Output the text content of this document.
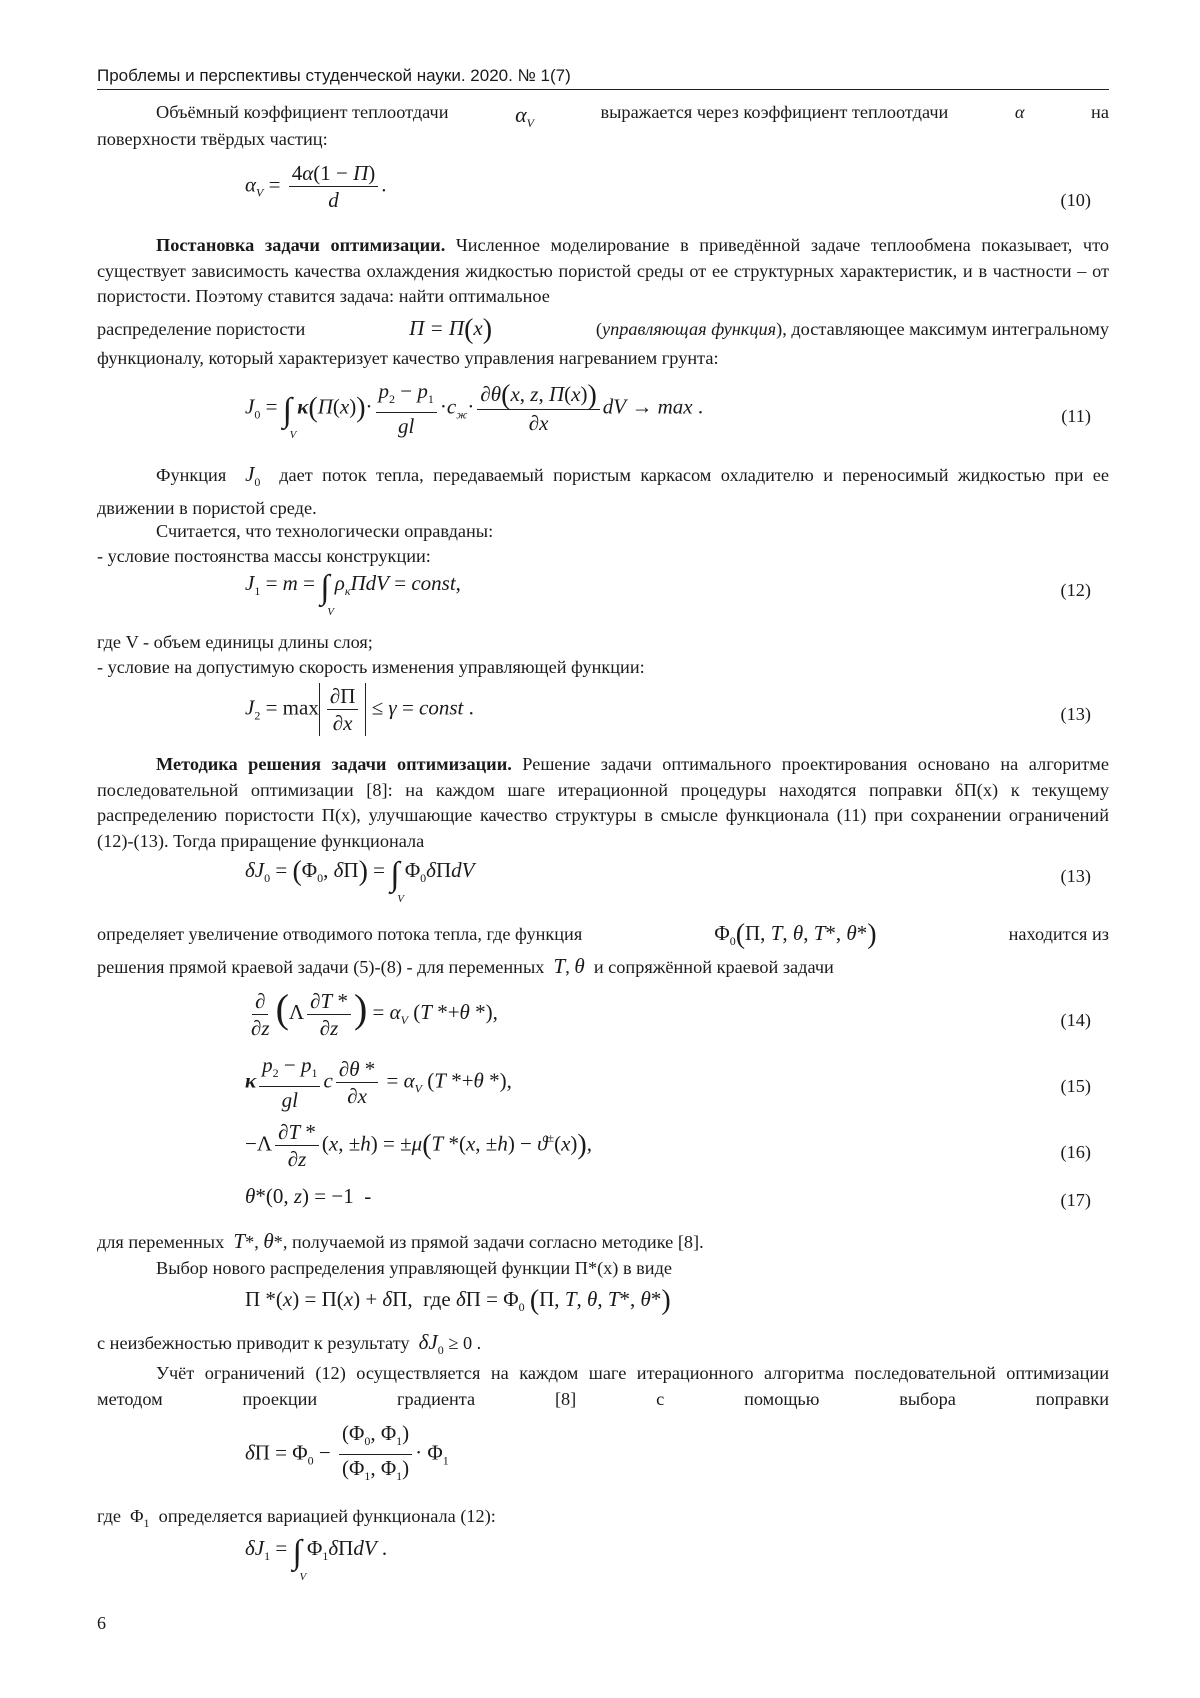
Проблемы и перспективы студенческой науки. 2020. № 1(7)
Объёмный коэффициент теплоотдачи	$\alpha_V$
выражается через коэффициент теплоотдачи	α	на
поверхности твёрдых частиц:
$\alpha_V = \frac{4\alpha(1 - П)}{d}$ .
(10)
Постановка задачи оптимизации. Численное моделирование в приведённой задаче теплообмена показывает, что существует зависимость качества охлаждения жидкостью пористой среды от ее структурных характеристик, и в частности – от пористости. Поэтому ставится задача: найти оптимальное
распределение пористости	П = П(x)	(управляющая функция), доставляющее максимум интегральному
функционалу, который характеризует качество управления нагреванием грунта:
$J_0$ = ∫
V
$\kappa(П(x))\cdot \frac{p_2 - p_1}{gl} \cdot c_ж\cdot \frac{\partial\theta(x, z, П(x))}{\partial x}$ dV → max .	(11)
Функция $J_0$ дает поток тепла, передаваемый пористым каркасом охладителю и переносимый жидкостью при ее движении в пористой среде.
Считается, что технологически оправданы:
- условие постоянства массы конструкции:
$J_1 = m$ = ∫
V
$\rho_кПdV$ = const,	(12)
где V - объем единицы длины слоя;
- условие на допустимую скорость изменения управляющей функции:
$J_2 = \max \frac{\partial П}{\partial x} \le \gamma$ = const .	(13)
Методика решения задачи оптимизации. Решение задачи оптимального проектирования основано на алгоритме последовательной оптимизации [8]: на каждом шаге итерационной процедуры находятся поправки δП(x) к текущему распределению пористости П(x), улучшающие качество структуры в смысле функционала (11) при сохранении ограничений (12)-(13). Тогда приращение функционала
$\delta J_0 = (\Phi_0$, δП) = ∫
V
$\Phi_0\delta ПdV$	(13)
определяет увеличение отводимого потока тепла, где функция	$\Phi_0(П$, T, θ, T*, θ*)	находится из
решения прямой краевой задачи (5)-(8) - для переменных T, θ и сопряжённой краевой задачи
$\frac{\partial}{\partial z} (\Lambda \frac{\partial T *}{\partial z}$ ) = $\alpha_V$ (T *+θ *),	(14)
κ $\frac{p_2 - p_1}{gl}$ c $\frac{\partial\theta *}{\partial x} = \alpha_V$ (T *+θ *),	(15)
$-\Lambda \frac{\partial T *}{\partial z} (x$, ±h) = ±μ(T *(x, ±h) − ϑ±(x)),	(16)
θ*(0, z) = −1  -	(17)
для переменных T*, θ*, получаемой из прямой задачи согласно методике [8].
Выбор нового распределения управляющей функции П*(x) в виде
П *(x) = П(x) + δП,  где $\delta П = \Phi_0$ (П, T, θ, T*, θ*)
с неизбежностью приводит к результату $\delta J_0 \ge 0$ .
Учёт ограничений (12) осуществляется на каждом шаге итерационного алгоритма последовательной оптимизации методом проекции градиента [8] с помощью выбора поправки
$\delta П = \Phi_0 - \frac{(\Phi_0, \Phi_1)}{(\Phi_1, \Phi_1)} \cdot \Phi_1$
где  $\Phi_1$ определяется вариацией функционала (12):
$\delta J_1$ = ∫
V
$\Phi_1\delta ПdV$ .
6
